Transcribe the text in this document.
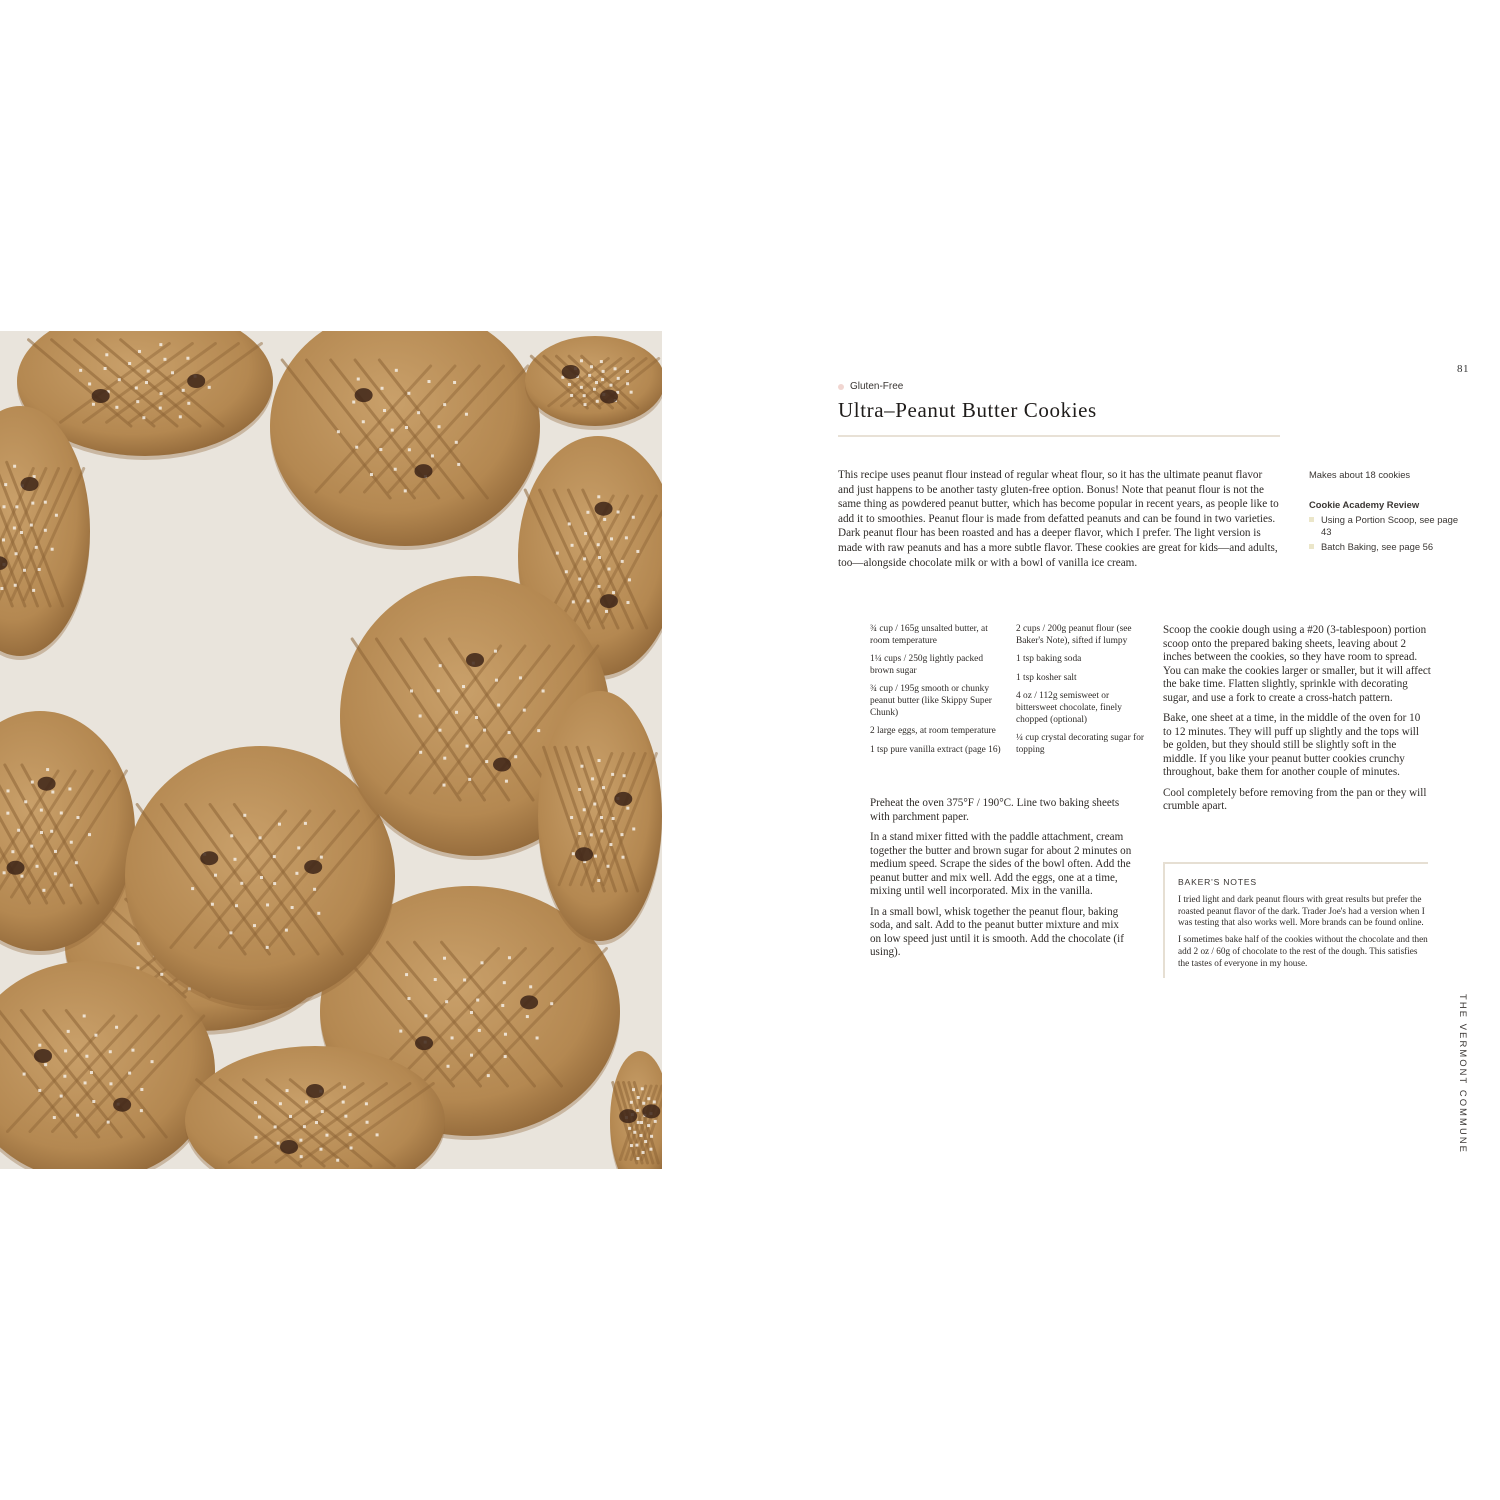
81
Gluten-Free
Ultra–Peanut Butter Cookies

This recipe uses peanut flour instead of regular wheat flour, so it has the ultimate peanut flavor and just happens to be another tasty gluten-free option. Bonus! Note that peanut flour is not the same thing as powdered peanut butter, which has become popular in recent years, as people like to add it to smoothies. Peanut flour is made from defatted peanuts and can be found in two varieties. Dark peanut flour has been roasted and has a deeper flavor, which I prefer. The light version is made with raw peanuts and has a more subtle flavor. These cookies are great for kids—and adults, too—alongside chocolate milk or with a bowl of vanilla ice cream.

Makes about 18 cookies

Cookie Academy Review

Using a Portion Scoop, see page 43
Batch Baking, see page 56

¾ cup / 165g unsalted butter, at room temperature

1¼ cups / 250g lightly packed brown sugar

¾ cup / 195g smooth or chunky peanut butter (like Skippy Super Chunk)

2 large eggs, at room temperature

1 tsp pure vanilla extract (page 16)

2 cups / 200g peanut flour (see Baker's Note), sifted if lumpy

1 tsp baking soda

1 tsp kosher salt

4 oz / 112g semisweet or bittersweet chocolate, finely chopped (optional)

¼ cup crystal decorating sugar for topping

Preheat the oven 375°F / 190°C. Line two baking sheets with parchment paper.

In a stand mixer fitted with the paddle attachment, cream together the butter and brown sugar for about 2 minutes on medium speed. Scrape the sides of the bowl often. Add the peanut butter and mix well. Add the eggs, one at a time, mixing until well incorporated. Mix in the vanilla.

In a small bowl, whisk together the peanut flour, baking soda, and salt. Add to the peanut butter mixture and mix on low speed just until it is smooth. Add the chocolate (if using).

Scoop the cookie dough using a #20 (3-tablespoon) portion scoop onto the prepared baking sheets, leaving about 2 inches between the cookies, so they have room to spread. You can make the cookies larger or smaller, but it will affect the bake time. Flatten slightly, sprinkle with decorating sugar, and use a fork to create a cross-hatch pattern.

Bake, one sheet at a time, in the middle of the oven for 10 to 12 minutes. They will puff up slightly and the tops will be golden, but they should still be slightly soft in the middle. If you like your peanut butter cookies crunchy throughout, bake them for another couple of minutes.

Cool completely before removing from the pan or they will crumble apart.

BAKER'S NOTES

I tried light and dark peanut flours with great results but prefer the roasted peanut flavor of the dark. Trader Joe's had a version when I was testing that also works well. More brands can be found online.

I sometimes bake half of the cookies without the chocolate and then add 2 oz / 60g of chocolate to the rest of the dough. This satisfies the tastes of everyone in my house.

THE VERMONT COMMUNE
